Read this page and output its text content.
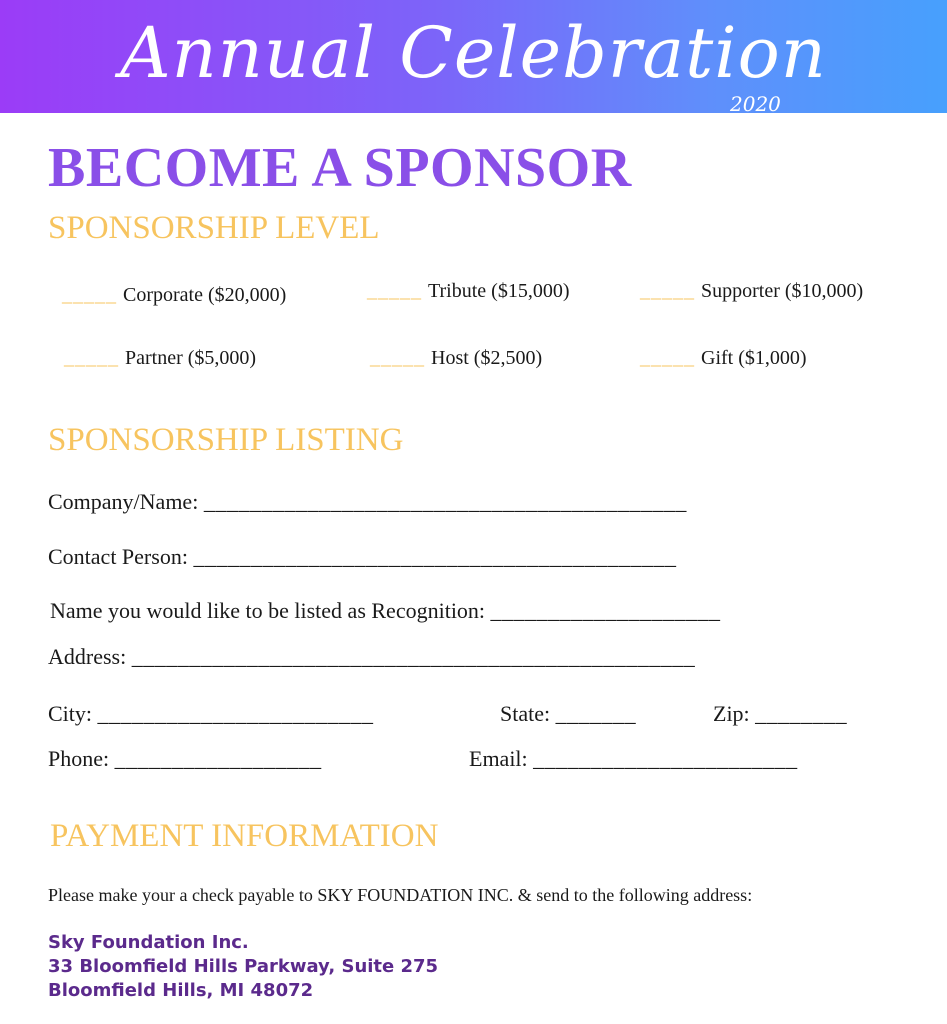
Annual Celebration
2020
BECOME A SPONSOR
SPONSORSHIP LEVEL
_____ Corporate ($20,000)	_____ Tribute ($15,000)	_____ Supporter ($10,000)
_____ Partner ($5,000)	_____ Host ($2,500)	_____ Gift ($1,000)
SPONSORSHIP LISTING
Company/Name: __________________________________________
Contact Person: __________________________________________
Name you would like to be listed as Recognition: ____________________
Address: _________________________________________________
City: ________________________	State: _______	Zip: ________
Phone: __________________	Email: _______________________
PAYMENT INFORMATION
Please make your a check payable to SKY FOUNDATION INC. & send to the following address:
Sky Foundation Inc.
33 Bloomfield Hills Parkway, Suite 275
Bloomfield Hills, MI 48072
